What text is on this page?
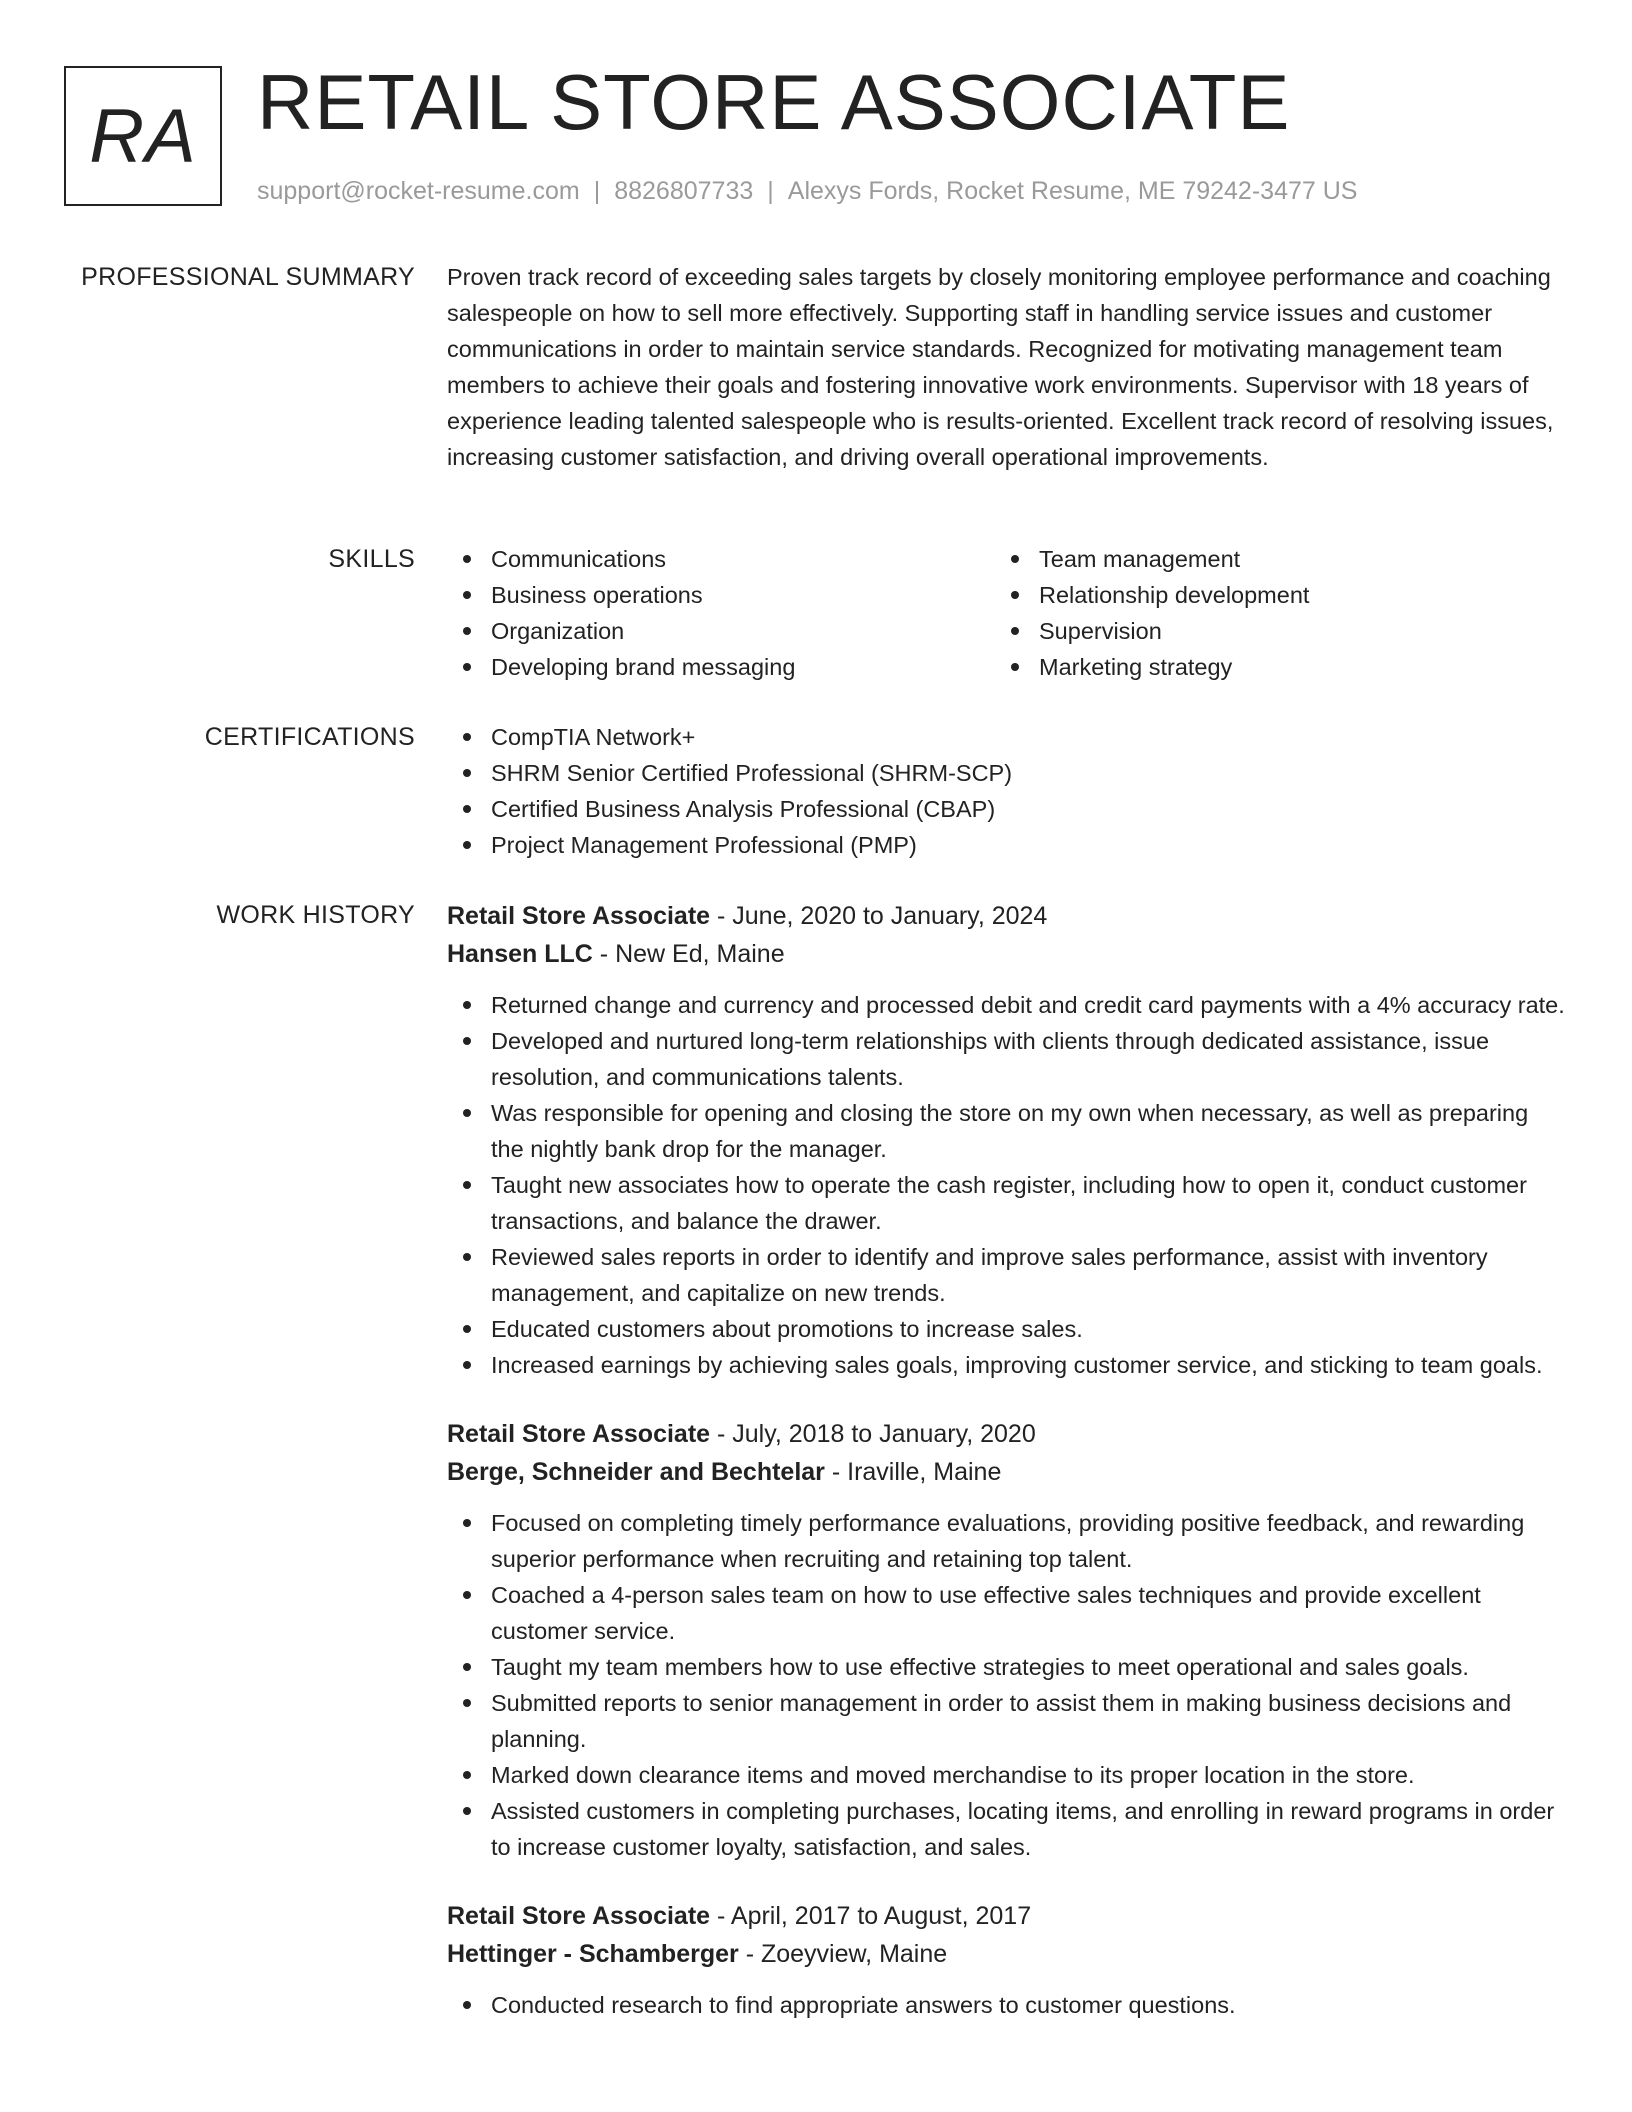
RA RETAIL STORE ASSOCIATE
support@rocket-resume.com | 8826807733 | Alexys Fords, Rocket Resume, ME 79242-3477 US
PROFESSIONAL SUMMARY Proven track record of exceeding sales targets by closely monitoring employee performance and coaching salespeople on how to sell more effectively. Supporting staff in handling service issues and customer communications in order to maintain service standards. Recognized for motivating management team members to achieve their goals and fostering innovative work environments. Supervisor with 18 years of experience leading talented salespeople who is results-oriented. Excellent track record of resolving issues, increasing customer satisfaction, and driving overall operational improvements.

SKILLS	Communications
Business operations
Organization
Developing brand messaging
Team management
Relationship development
Supervision
Marketing strategy
CERTIFICATIONS	CompTIA Network+
SHRM Senior Certified Professional (SHRM-SCP)
Certified Business Analysis Professional (CBAP)
Project Management Professional (PMP)
WORK HISTORY Retail Store Associate - June, 2020 to January, 2024
Hansen LLC - New Ed, Maine
Returned change and currency and processed debit and credit card payments with a 4% accuracy rate.
Developed and nurtured long-term relationships with clients through dedicated assistance, issue resolution, and communications talents.
Was responsible for opening and closing the store on my own when necessary, as well as preparing the nightly bank drop for the manager.
Taught new associates how to operate the cash register, including how to open it, conduct customer transactions, and balance the drawer.
Reviewed sales reports in order to identify and improve sales performance, assist with inventory management, and capitalize on new trends.
Educated customers about promotions to increase sales.
Increased earnings by achieving sales goals, improving customer service, and sticking to team goals.
Retail Store Associate - July, 2018 to January, 2020
Berge, Schneider and Bechtelar - Iraville, Maine
Focused on completing timely performance evaluations, providing positive feedback, and rewarding superior performance when recruiting and retaining top talent.
Coached a 4-person sales team on how to use effective sales techniques and provide excellent customer service.
Taught my team members how to use effective strategies to meet operational and sales goals.
Submitted reports to senior management in order to assist them in making business decisions and planning.
Marked down clearance items and moved merchandise to its proper location in the store.
Assisted customers in completing purchases, locating items, and enrolling in reward programs in order to increase customer loyalty, satisfaction, and sales.
Retail Store Associate - April, 2017 to August, 2017
Hettinger - Schamberger - Zoeyview, Maine
Conducted research to find appropriate answers to customer questions.
